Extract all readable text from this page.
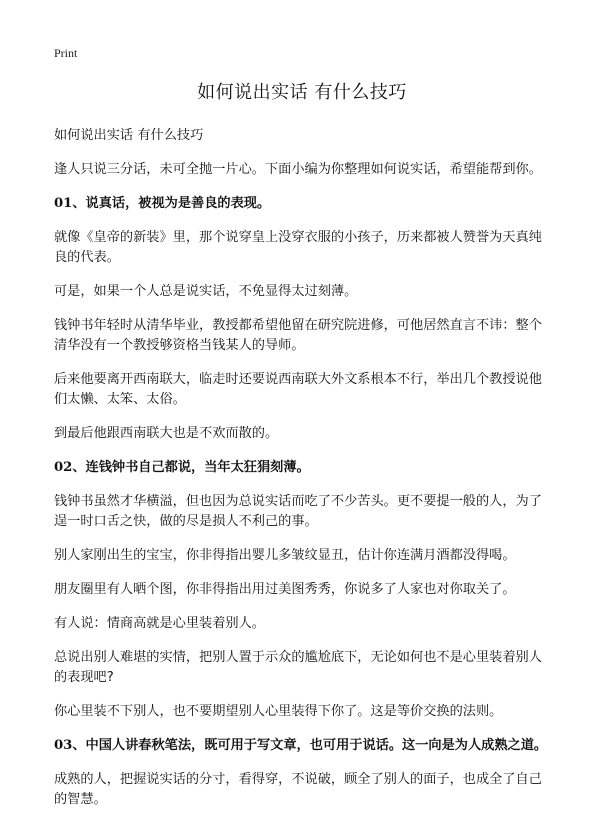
Print
如何说出实话 有什么技巧

如何说出实话 有什么技巧

逢人只说三分话，未可全抛一片心。下面小编为你整理如何说实话，希望能帮到你。

01、说真话，被视为是善良的表现。

就像《皇帝的新装》里，那个说穿皇上没穿衣服的小孩子，历来都被人赞誉为天真纯良的代表。

可是，如果一个人总是说实话，不免显得太过刻薄。

钱钟书年轻时从清华毕业，教授都希望他留在研究院进修，可他居然直言不讳：整个清华没有一个教授够资格当钱某人的导师。

后来他要离开西南联大，临走时还要说西南联大外文系根本不行，举出几个教授说他们太懒、太笨、太俗。

到最后他跟西南联大也是不欢而散的。

02、连钱钟书自己都说，当年太狂狷刻薄。

钱钟书虽然才华横溢，但也因为总说实话而吃了不少苦头。更不要提一般的人，为了逞一时口舌之快，做的尽是损人不利己的事。

别人家刚出生的宝宝，你非得指出婴儿多皱纹显丑，估计你连满月酒都没得喝。

朋友圈里有人晒个图，你非得指出用过美图秀秀，你说多了人家也对你取关了。

有人说：情商高就是心里装着别人。

总说出别人难堪的实情，把别人置于示众的尴尬底下，无论如何也不是心里装着别人的表现吧?

你心里装不下别人，也不要期望别人心里装得下你了。这是等价交换的法则。

03、中国人讲春秋笔法，既可用于写文章，也可用于说话。这一向是为人成熟之道。

成熟的人，把握说实话的分寸，看得穿，不说破，顾全了别人的面子，也成全了自己的智慧。
